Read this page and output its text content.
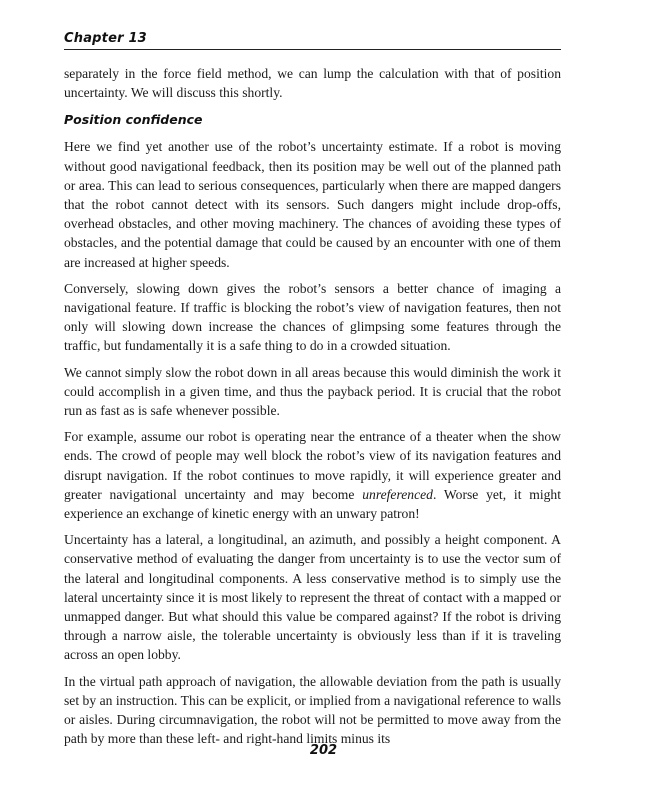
Chapter 13

separately in the force field method, we can lump the calculation with that of position uncertainty. We will discuss this shortly.

Position confidence

Here we find yet another use of the robot’s uncertainty estimate. If a robot is moving without good navigational feedback, then its position may be well out of the planned path or area. This can lead to serious consequences, particularly when there are mapped dangers that the robot cannot detect with its sensors. Such dangers might include drop-offs, overhead obstacles, and other moving machinery. The chances of avoiding these types of obstacles, and the potential damage that could be caused by an encounter with one of them are increased at higher speeds.

Conversely, slowing down gives the robot’s sensors a better chance of imaging a navigational feature. If traffic is blocking the robot’s view of navigation features, then not only will slowing down increase the chances of glimpsing some features through the traffic, but fundamentally it is a safe thing to do in a crowded situation.

We cannot simply slow the robot down in all areas because this would diminish the work it could accomplish in a given time, and thus the payback period. It is crucial that the robot run as fast as is safe whenever possible.

For example, assume our robot is operating near the entrance of a theater when the show ends. The crowd of people may well block the robot’s view of its navigation features and disrupt navigation. If the robot continues to move rapidly, it will experience greater and greater navigational uncertainty and may become unreferenced. Worse yet, it might experience an exchange of kinetic energy with an unwary patron!

Uncertainty has a lateral, a longitudinal, an azimuth, and possibly a height component. A conservative method of evaluating the danger from uncertainty is to use the vector sum of the lateral and longitudinal components. A less conservative method is to simply use the lateral uncertainty since it is most likely to represent the threat of contact with a mapped or unmapped danger. But what should this value be compared against? If the robot is driving through a narrow aisle, the tolerable uncertainty is obviously less than if it is traveling across an open lobby.

In the virtual path approach of navigation, the allowable deviation from the path is usually set by an instruction. This can be explicit, or implied from a navigational reference to walls or aisles. During circumnavigation, the robot will not be permitted to move away from the path by more than these left- and right-hand limits minus its

202
